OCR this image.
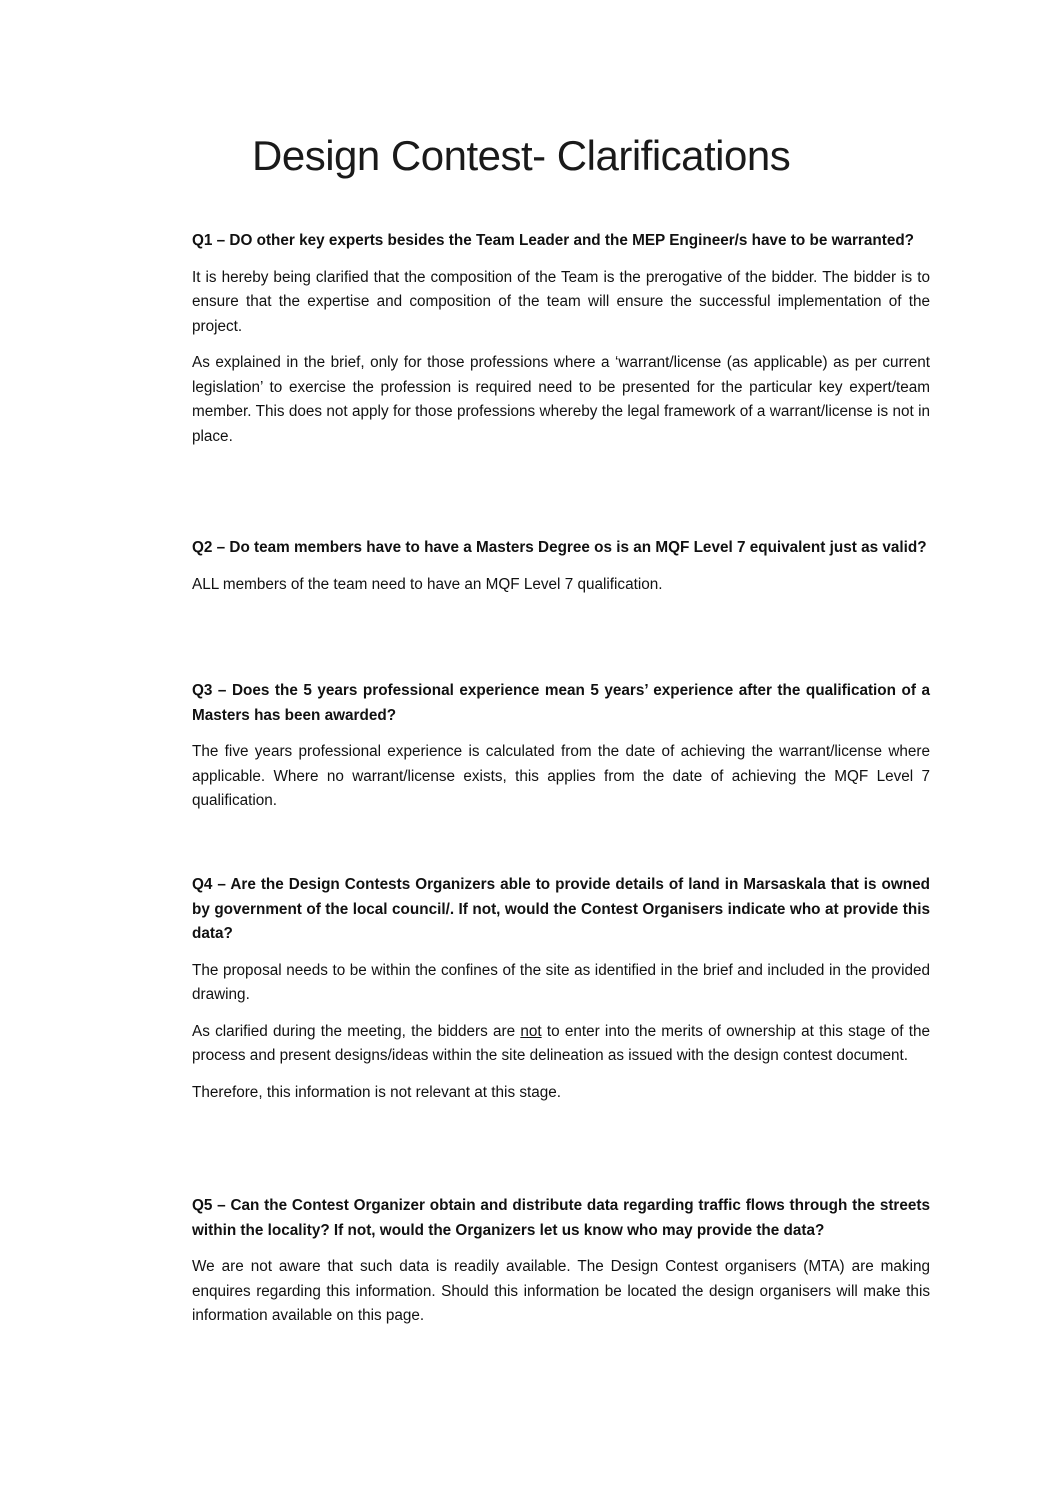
Design Contest- Clarifications

Q1 – DO other key experts besides the Team Leader and the MEP Engineer/s have to be warranted?

It is hereby being clarified that the composition of the Team is the prerogative of the bidder. The bidder is to ensure that the expertise and composition of the team will ensure the successful implementation of the project.

As explained in the brief, only for those professions where a ‘warrant/license (as applicable) as per current legislation’ to exercise the profession is required need to be presented for the particular key expert/team member. This does not apply for those professions whereby the legal framework of a warrant/license is not in place.

Q2 – Do team members have to have a Masters Degree os is an MQF Level 7 equivalent just as valid?

ALL members of the team need to have an MQF Level 7 qualification.

Q3 – Does the 5 years professional experience mean 5 years’ experience after the qualification of a Masters has been awarded?

The five years professional experience is calculated from the date of achieving the warrant/license where applicable. Where no warrant/license exists, this applies from the date of achieving the MQF Level 7 qualification.

Q4 – Are the Design Contests Organizers able to provide details of land in Marsaskala that is owned by government of the local council/. If not, would the Contest Organisers indicate who at provide this data?

The proposal needs to be within the confines of the site as identified in the brief and included in the provided drawing.

As clarified during the meeting, the bidders are not to enter into the merits of ownership at this stage of the process and present designs/ideas within the site delineation as issued with the design contest document.

Therefore, this information is not relevant at this stage.

Q5 – Can the Contest Organizer obtain and distribute data regarding traffic flows through the streets within the locality? If not, would the Organizers let us know who may provide the data?

We are not aware that such data is readily available. The Design Contest organisers (MTA) are making enquires regarding this information. Should this information be located the design organisers will make this information available on this page.
